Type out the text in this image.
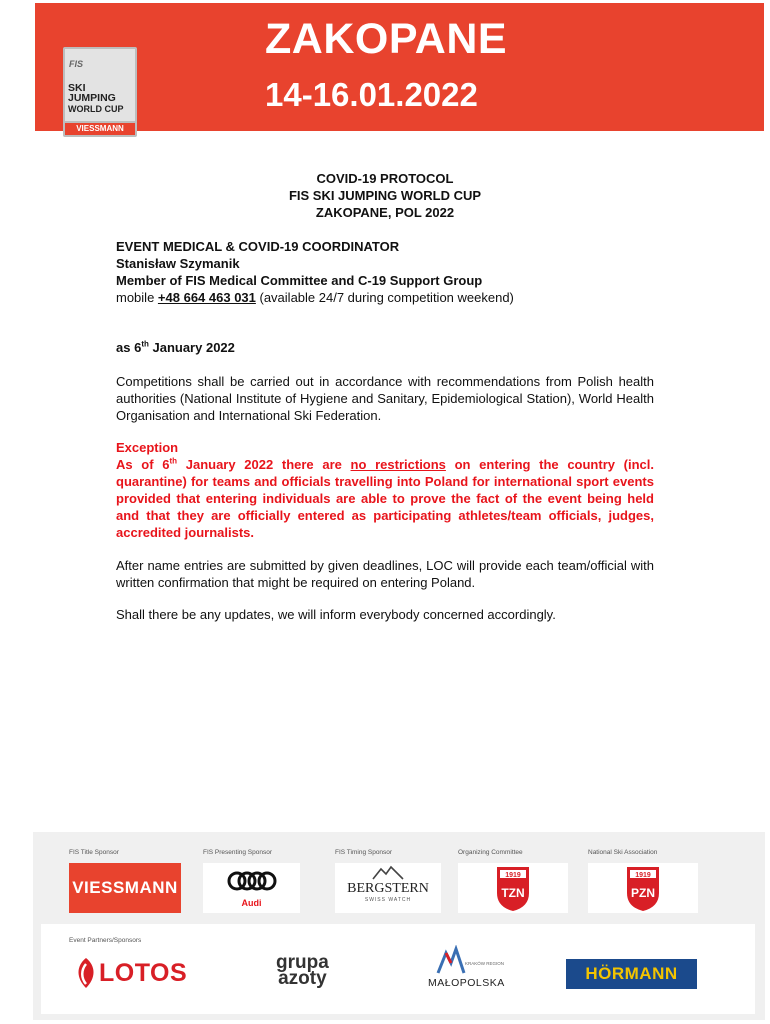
ZAKOPANE
14-16.01.2022
FIS
SKI
JUMPING
WORLD CUP
VIESSMANN
COVID-19 PROTOCOL
FIS SKI JUMPING WORLD CUP
ZAKOPANE, POL 2022
EVENT MEDICAL & COVID-19 COORDINATOR
Stanisław Szymanik
Member of FIS Medical Committee and C-19 Support Group
mobile +48 664 463 031 (available 24/7 during competition weekend)
as 6th January 2022
Competitions shall be carried out in accordance with recommendations from Polish health authorities (National Institute of Hygiene and Sanitary, Epidemiological Station), World Health Organisation and International Ski Federation.
Exception
As of 6th January 2022 there are no restrictions on entering the country (incl. quarantine) for teams and officials travelling into Poland for international sport events provided that entering individuals are able to prove the fact of the event being held and that they are officially entered as participating athletes/team officials, judges, accredited journalists.
After name entries are submitted by given deadlines, LOC will provide each team/official with written confirmation that might be required on entering Poland.
Shall there be any updates, we will inform everybody concerned accordingly.
FIS Title Sponsor	FIS Presenting Sponsor	FIS Timing Sponsor	Organizing Committee	National Ski Association
VIESSMANN
Audi
BERGSTERN
SWISS WATCH
1919
TZN
1919
PZN
Event Partners/Sponsors
LOTOS	grupa
azoty
KRAKÓW REGION
MAŁOPOLSKA	HÖRMANN
